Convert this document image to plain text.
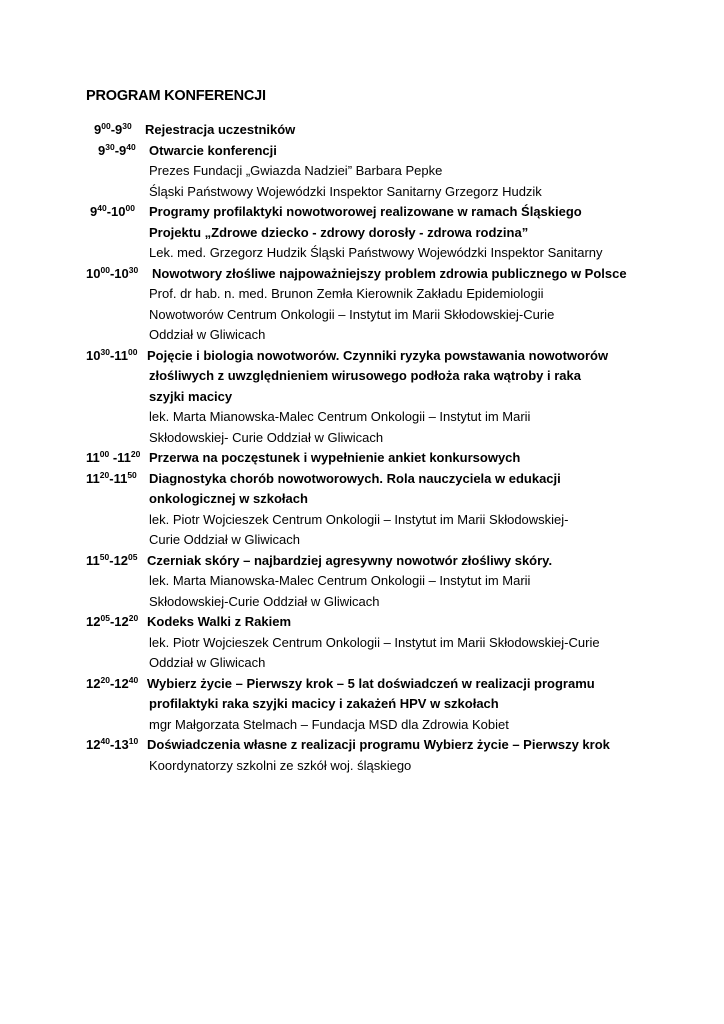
PROGRAM KONFERENCJI
$9^{00}-9^{30}$ Rejestracja uczestników
$9^{30}-9^{40}$ Otwarcie konferencji
Prezes Fundacji „Gwiazda Nadziei” Barbara Pepke
Śląski Państwowy Wojewódzki Inspektor Sanitarny Grzegorz Hudzik
$9^{40}-10^{00}$ Programy profilaktyki nowotworowej realizowane w ramach Śląskiego
Projektu „Zdrowe dziecko - zdrowy dorosły - zdrowa rodzina”
Lek. med. Grzegorz Hudzik Śląski Państwowy Wojewódzki Inspektor Sanitarny
$10^{00}-10^{30}$ Nowotwory złośliwe najpoważniejszy problem zdrowia publicznego w Polsce
Prof. dr hab. n. med. Brunon Zemła Kierownik Zakładu Epidemiologii
Nowotworów Centrum Onkologii – Instytut im Marii Skłodowskiej-Curie
Oddział w Gliwicach
$10^{30}-11^{00}$ Pojęcie i biologia nowotworów. Czynniki ryzyka powstawania nowotworów
złośliwych z uwzględnieniem wirusowego podłoża raka wątroby i raka
szyjki macicy
lek. Marta Mianowska-Malec Centrum Onkologii – Instytut im Marii
Skłodowskiej- Curie Oddział w Gliwicach
$11^{00}$ $-11^{20}$ Przerwa na poczęstunek i wypełnienie ankiet konkursowych
$11^{20}-11^{50}$ Diagnostyka chorób nowotworowych. Rola nauczyciela w edukacji
onkologicznej w szkołach
lek. Piotr Wojcieszek Centrum Onkologii – Instytut im Marii Skłodowskiej-
Curie Oddział w Gliwicach
$11^{50}-12^{05}$ Czerniak skóry – najbardziej agresywny nowotwór złośliwy skóry.
lek. Marta Mianowska-Malec Centrum Onkologii – Instytut im Marii
Skłodowskiej-Curie Oddział w Gliwicach
$12^{05}-12^{20}$ Kodeks Walki z Rakiem
lek. Piotr Wojcieszek Centrum Onkologii – Instytut im Marii Skłodowskiej-Curie
Oddział w Gliwicach
$12^{20}-12^{40}$ Wybierz życie – Pierwszy krok – 5 lat doświadczeń w realizacji programu
profilaktyki raka szyjki macicy i zakażeń HPV w szkołach
mgr Małgorzata Stelmach – Fundacja MSD dla Zdrowia Kobiet
$12^{40}-13^{10}$ Doświadczenia własne z realizacji programu Wybierz życie – Pierwszy krok
Koordynatorzy szkolni ze szkół woj. śląskiego
